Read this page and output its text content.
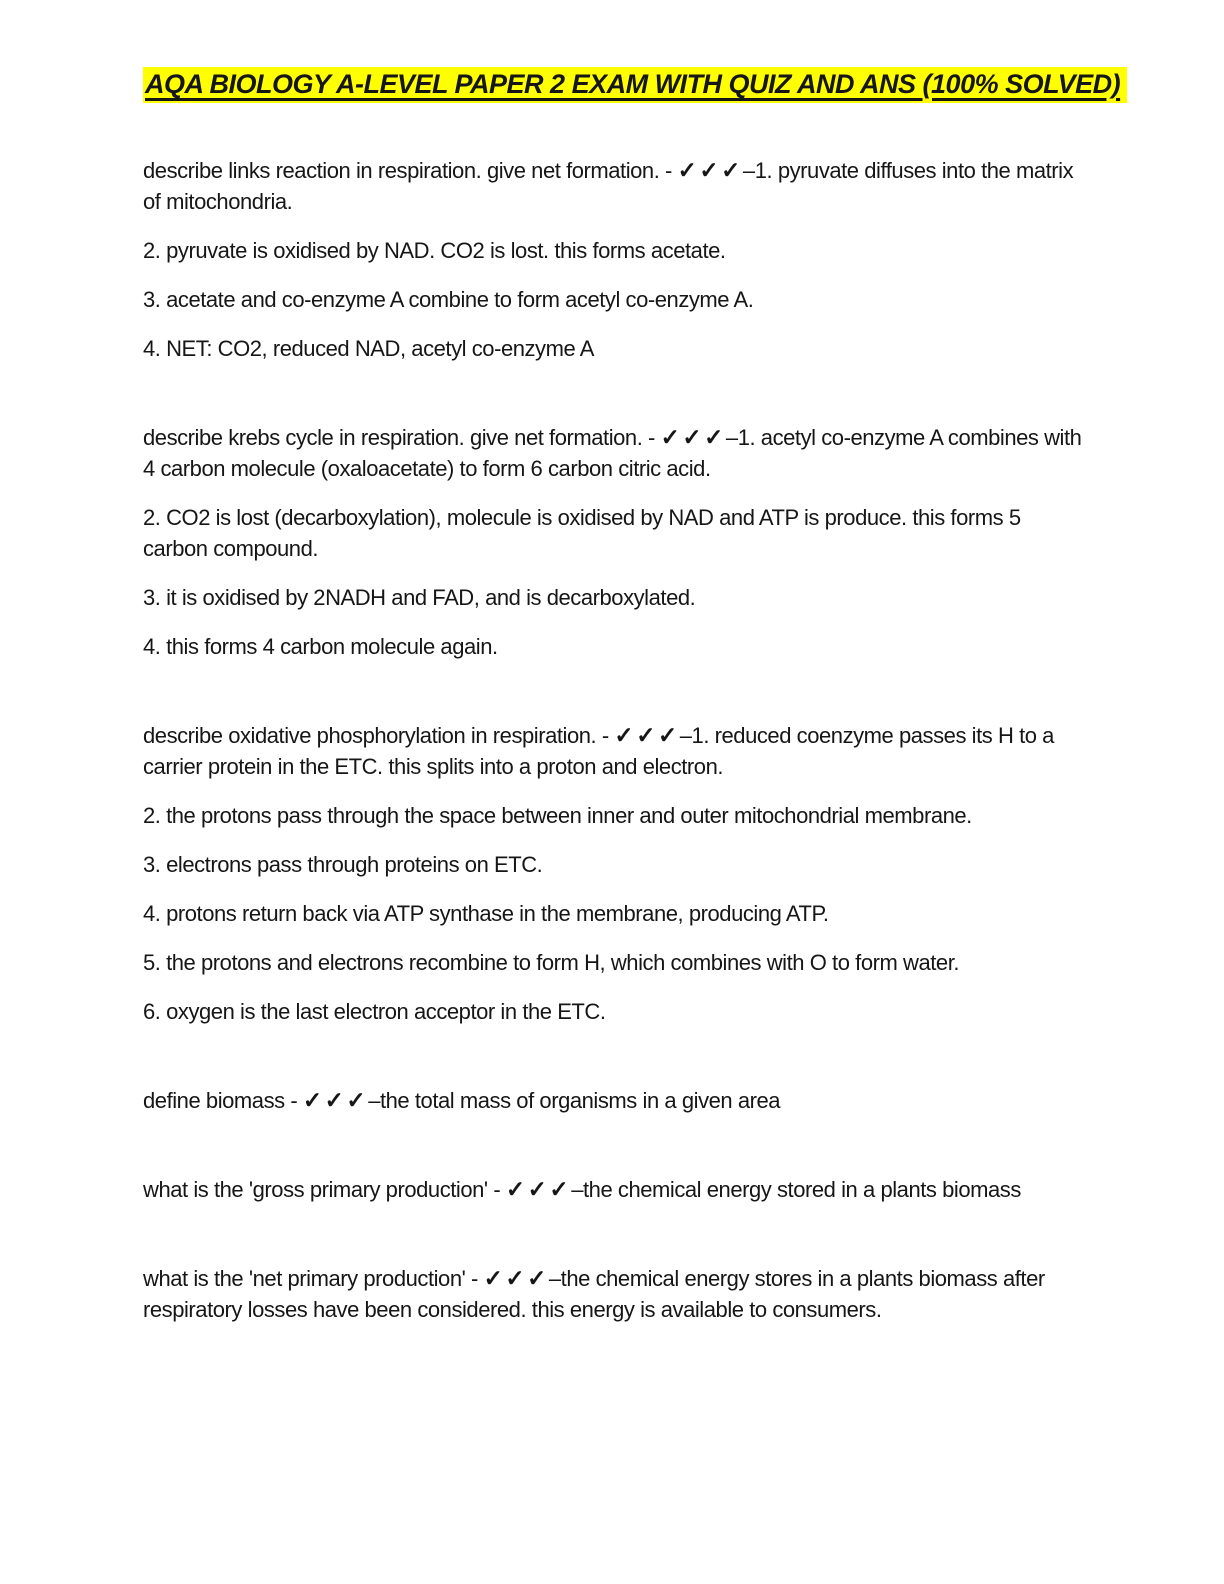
AQA BIOLOGY A-LEVEL PAPER 2 EXAM WITH QUIZ AND ANS (100% SOLVED)

describe links reaction in respiration. give net formation. - ✓✓✓–1. pyruvate diffuses into the matrix of mitochondria.

2. pyruvate is oxidised by NAD. CO2 is lost. this forms acetate.

3. acetate and co-enzyme A combine to form acetyl co-enzyme A.

4. NET: CO2, reduced NAD, acetyl co-enzyme A

describe krebs cycle in respiration. give net formation. - ✓✓✓–1. acetyl co-enzyme A combines with 4 carbon molecule (oxaloacetate) to form 6 carbon citric acid.

2. CO2 is lost (decarboxylation), molecule is oxidised by NAD and ATP is produce. this forms 5 carbon compound.

3. it is oxidised by 2NADH and FAD, and is decarboxylated.

4. this forms 4 carbon molecule again.

describe oxidative phosphorylation in respiration. - ✓✓✓–1. reduced coenzyme passes its H to a carrier protein in the ETC. this splits into a proton and electron.

2. the protons pass through the space between inner and outer mitochondrial membrane.

3. electrons pass through proteins on ETC.

4. protons return back via ATP synthase in the membrane, producing ATP.

5. the protons and electrons recombine to form H, which combines with O to form water.

6. oxygen is the last electron acceptor in the ETC.

define biomass - ✓✓✓–the total mass of organisms in a given area

what is the 'gross primary production' - ✓✓✓–the chemical energy stored in a plants biomass

what is the 'net primary production' - ✓✓✓–the chemical energy stores in a plants biomass after respiratory losses have been considered. this energy is available to consumers.
